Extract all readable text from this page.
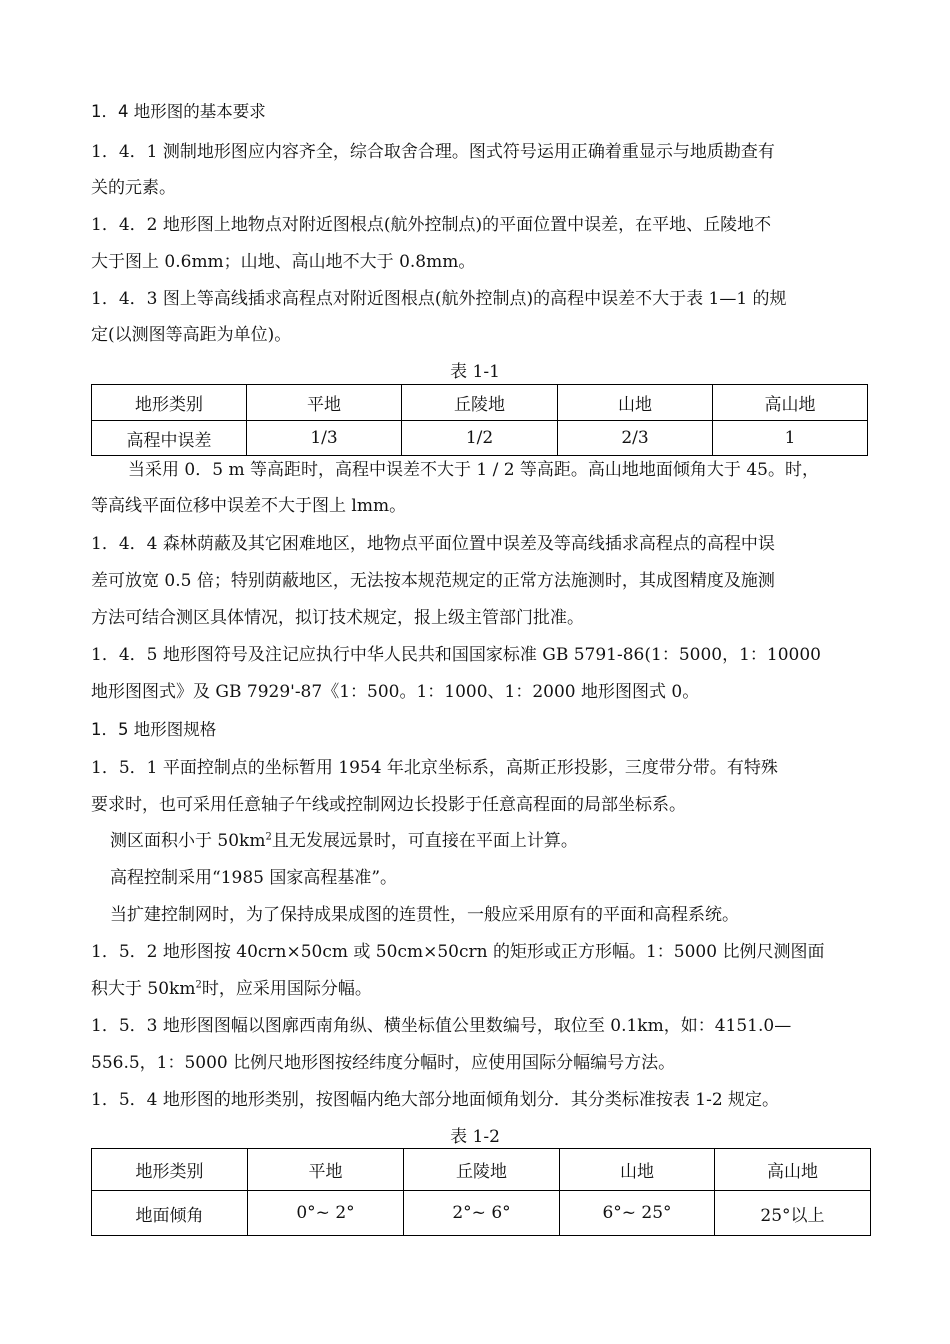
1．4 地形图的基本要求
1．4．1 测制地形图应内容齐全，综合取舍合理。图式符号运用正确着重显示与地质勘查有
关的元素。
1．4．2 地形图上地物点对附近图根点(航外控制点)的平面位置中误差，在平地、丘陵地不
大于图上 0.6mm；山地、高山地不大于 0.8mm。
1．4．3 图上等高线插求高程点对附近图根点(航外控制点)的高程中误差不大于表 1—1 的规
定(以测图等高距为单位)。
表 1-1
地形类别	平地	丘陵地	山地	高山地
高程中误差	1/3	1/2	2/3	1
当采用 0．5 m 等高距时，高程中误差不大于 1 / 2 等高距。高山地地面倾角大于 45。时，
等高线平面位移中误差不大于图上 lmm。
1．4．4 森林荫蔽及其它困难地区，地物点平面位置中误差及等高线插求高程点的高程中误
差可放宽 0.5 倍；特别荫蔽地区，无法按本规范规定的正常方法施测时，其成图精度及施测
方法可结合测区具体情况，拟订技术规定，报上级主管部门批准。
1．4．5 地形图符号及注记应执行中华人民共和国国家标准 GB 5791-86(1：5000，1：10000
地形图图式》及 GB 7929'-87《1：500。1：1000、1：2000 地形图图式 0。
1．5 地形图规格
1．5．1 平面控制点的坐标暂用 1954 年北京坐标系，高斯正形投影，三度带分带。有特殊
要求时，也可采用任意轴子午线或控制网边长投影于任意高程面的局部坐标系。
测区面积小于 $50km^2$且无发展远景时，可直接在平面上计算。
高程控制采用“1985 国家高程基准”。
当扩建控制网时，为了保持成果成图的连贯性，一般应采用原有的平面和高程系统。
1．5．2 地形图按 40crn×50cm 或 50cm×50crn 的矩形或正方形幅。1：5000 比例尺测图面
积大于 $50km^2$时，应采用国际分幅。
1．5．3 地形图图幅以图廓西南角纵、横坐标值公里数编号，取位至 0.1km，如：4151.0—
556.5，1：5000 比例尺地形图按经纬度分幅时，应使用国际分幅编号方法。
1．5．4 地形图的地形类别，按图幅内绝大部分地面倾角划分．其分类标准按表 1-2 规定。
表 1-2
地形类别	平地	丘陵地	山地	高山地
地面倾角	0°~ 2°	2°~ 6°	6°~ 25°	25°以上
